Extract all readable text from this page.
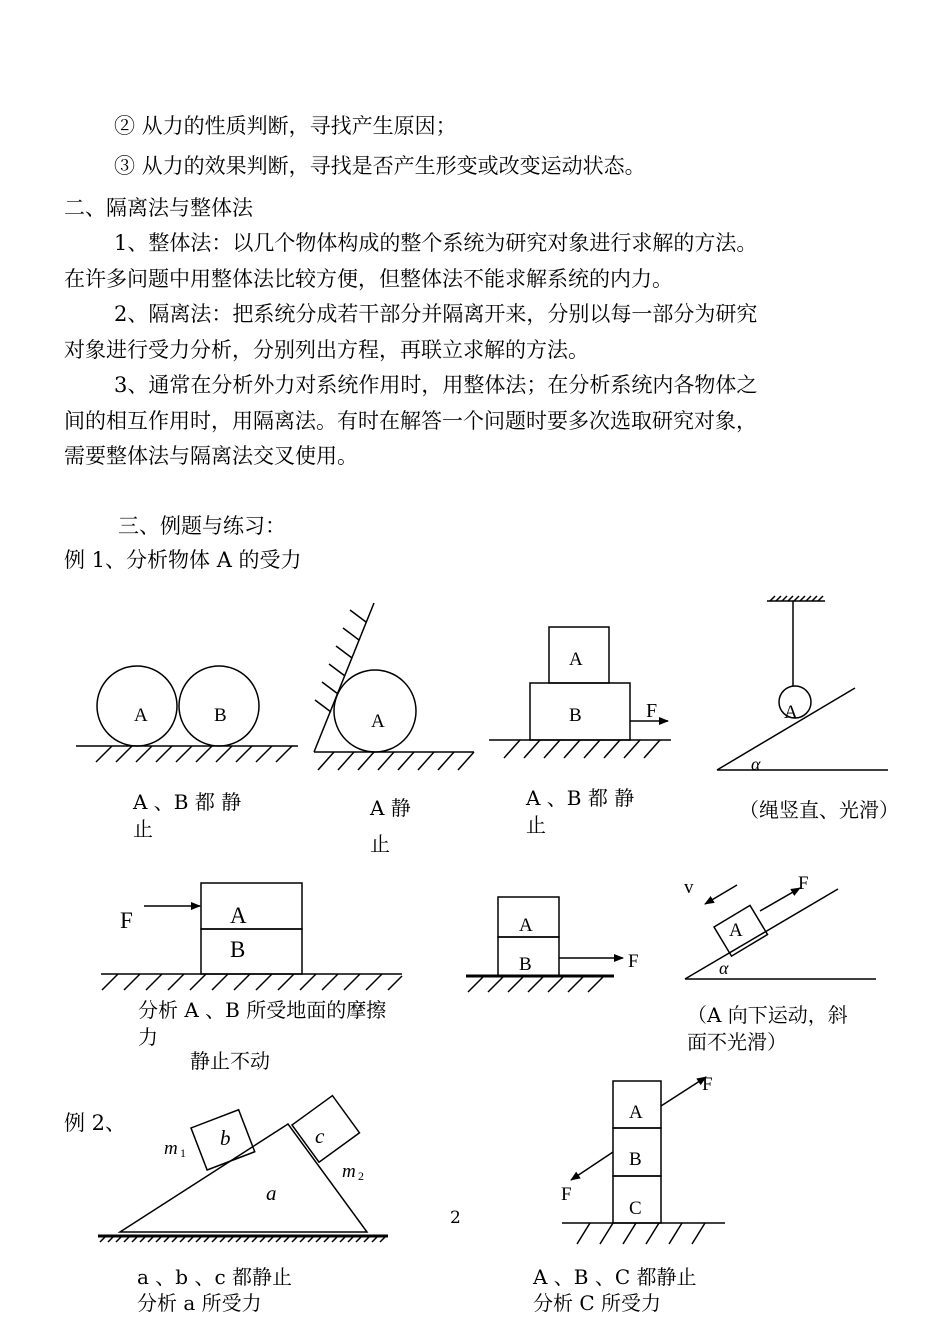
② 从力的性质判断，寻找产生原因；
③ 从力的效果判断，寻找是否产生形变或改变运动状态。
二、隔离法与整体法
1、整体法：以几个物体构成的整个系统为研究对象进行求解的方法。
在许多问题中用整体法比较方便，但整体法不能求解系统的内力。
2、隔离法：把系统分成若干部分并隔离开来，分别以每一部分为研究
对象进行受力分析，分别列出方程，再联立求解的方法。
3、通常在分析外力对系统作用时，用整体法；在分析系统内各物体之
间的相互作用时，用隔离法。有时在解答一个问题时要多次选取研究对象，
需要整体法与隔离法交叉使用。
三、例题与练习：
例 1、分析物体 A 的受力
例 2、
2
A 、B 都 静
止
A 静
止
A 、B 都 静
止
（绳竖直、光滑）
分析 A 、B 所受地面的摩擦
力
静止不动
（A 向下运动，斜
面不光滑）
a 、b 、c 都静止
分析 a 所受力
A 、B 、C 都静止
分析 C 所受力
A	B	A
A
B	F	A
α
A
B
F	A
B	F
A
F
v
α
a
b	c
m 1
m 2
A
B
C
F
F
